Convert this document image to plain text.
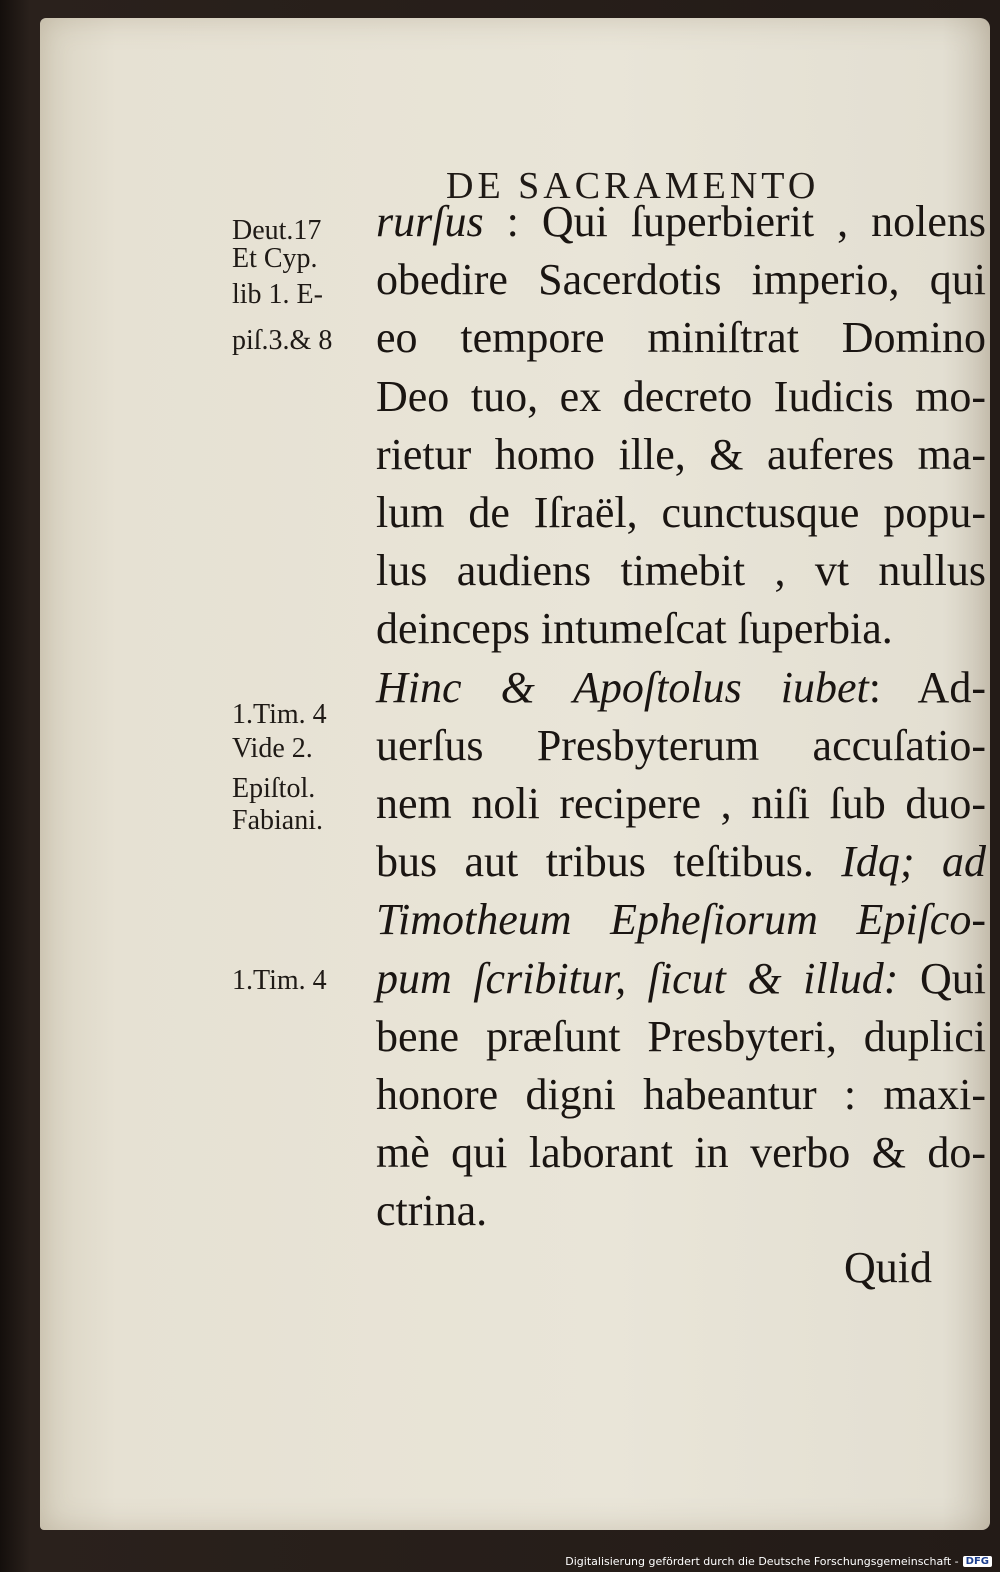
DE SACRAMENTO

rurſus : Qui ſuperbierit , nolens

obedire Sacerdotis imperio, qui

eo tempore miniſtrat Domino

Deo tuo, ex decreto Iudicis mo-

rietur homo ille, & auferes ma-

lum de Iſraël, cunctusque popu-

lus audiens timebit , vt nullus

deinceps intumeſcat ſuperbia.

Hinc & Apoſtolus iubet: Ad-

uerſus Presbyterum accuſatio-

nem noli recipere , niſi ſub duo-

bus aut tribus teſtibus. Idq; ad

Timotheum Epheſiorum Epiſco-

pum ſcribitur, ſicut & illud: Qui

bene præſunt Presbyteri, duplici

honore digni habeantur : maxi-

mè qui laborant in verbo & do-

ctrina.

Quid

Deut.17

Et Cyp.

lib 1. E-

piſ.3.& 8

1.Tim. 4

Vide 2.

Epiſtol.

Fabiani.

1.Tim. 4

Digitalisierung gefördert durch die Deutsche Forschungsgemeinschaft - DFG
